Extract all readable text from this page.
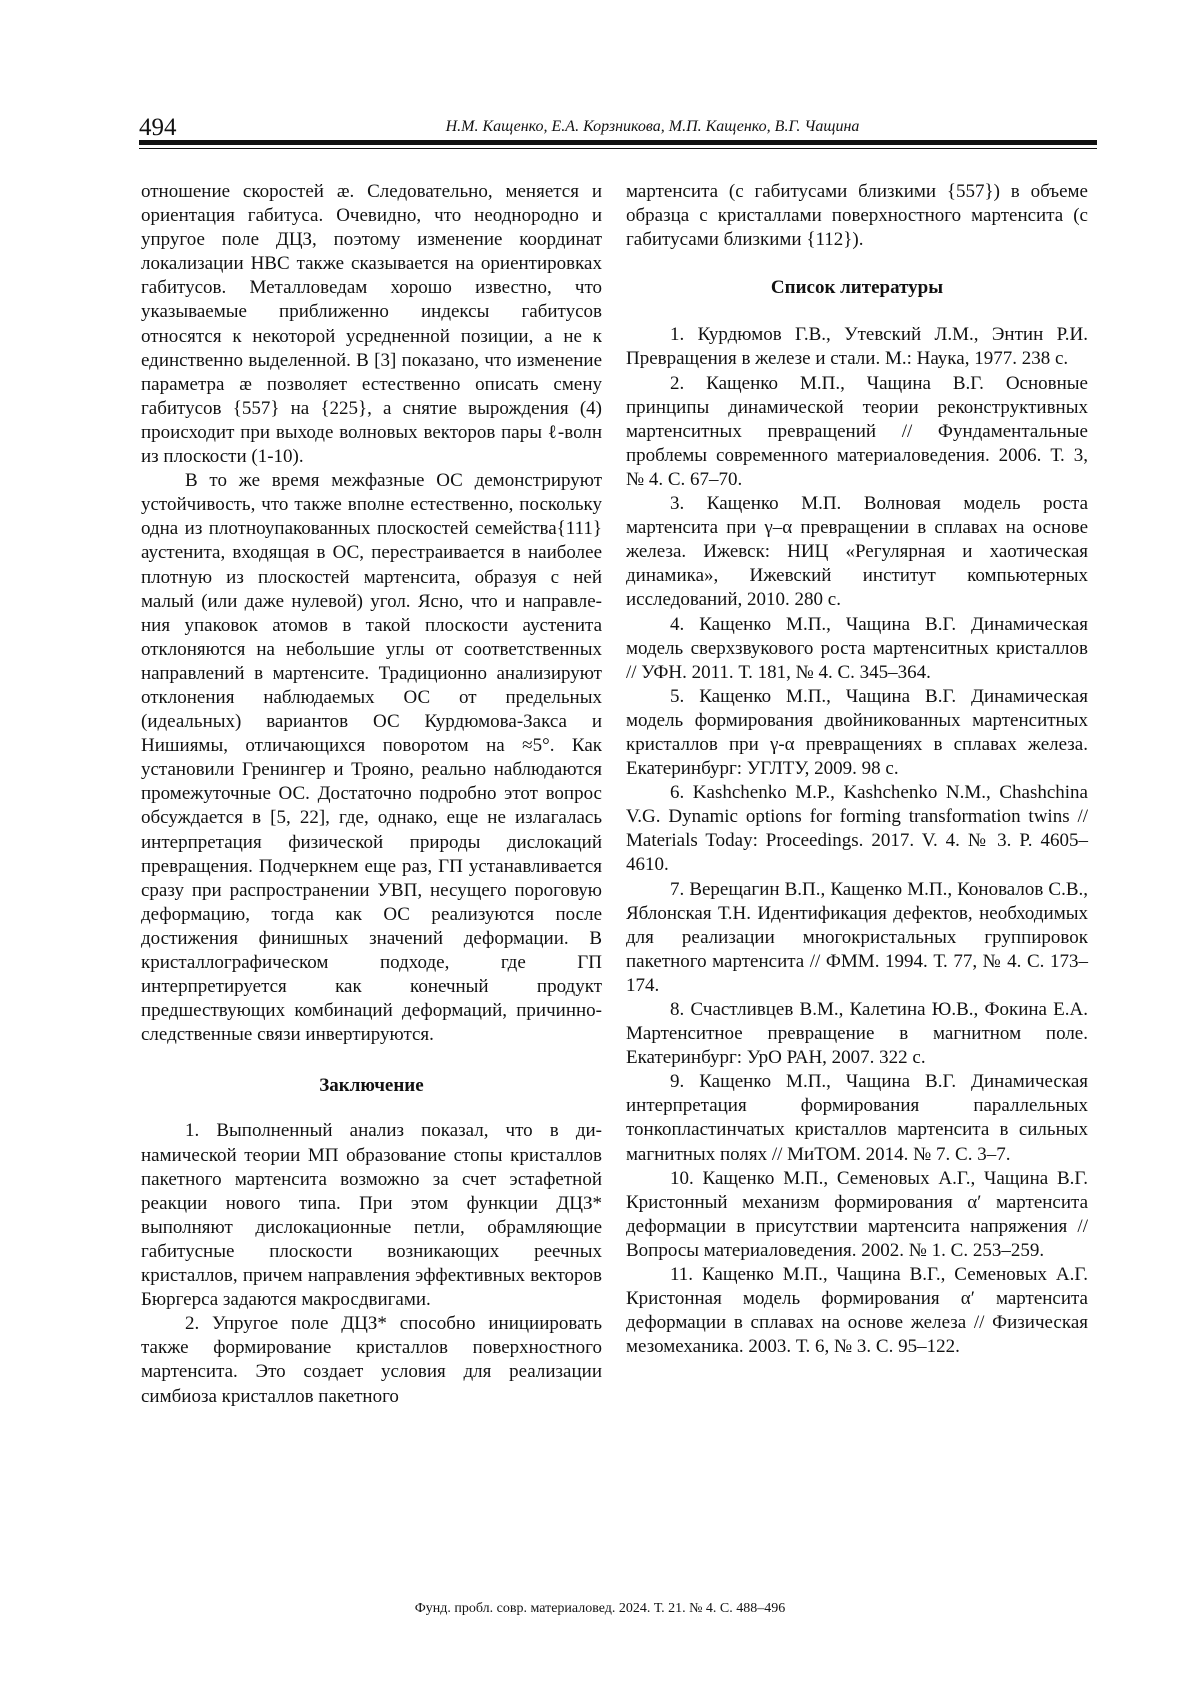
494	Н.М. Кащенко, Е.А. Корзникова, М.П. Кащенко, В.Г. Чащина

отношение скоростей æ. Следовательно, меняется и ориентация габитуса. Очевидно, что неоднородно и упругое поле ДЦЗ, поэтому изменение координат локализации НВС также сказывается на ориентировках габитусов. Металловедам хорошо известно, что указываемые приближенно индексы габитусов относятся к некоторой усредненной позиции, а не к единственно выделенной. В [3] показано, что изменение параметра æ позволяет естественно описать смену габитусов {557} на {225}, а снятие вырождения (4) происходит при выходе волновых векторов пары ℓ-волн из плоскости (1-10).

В то же время межфазные ОС демонстрируют устойчивость, что также вполне естественно, поскольку одна из плотноупакованных плоскостей семейства{111} аустенита, входящая в ОС, перестраивается в наиболее плотную из плоскостей мартенсита, образуя с ней малый (или даже нулевой) угол. Ясно, что и направления упаковок атомов в такой плоскости аустенита отклоняются на небольшие углы от соответственных направлений в мартенсите. Традиционно анализируют отклонения наблюдаемых ОС от предельных (идеальных) вариантов ОС Курдюмова-Закса и Нишиямы, отличающихся поворотом на ≈5°. Как установили Гренингер и Трояно, реально наблюдаются промежуточные ОС. Достаточно подробно этот вопрос обсуждается в [5, 22], где, однако, еще не излагалась интерпретация физической природы дислокаций превращения. Подчеркнем еще раз, ГП устанавливается сразу при распространении УВП, несущего пороговую деформацию, тогда как ОС реализуются после достижения финишных значений деформации. В кристаллографическом подходе, где ГП интерпретируется как конечный продукт предшествующих комбинаций деформаций, причинно-следственные связи инвертируются.

Заключение

1. Выполненный анализ показал, что в динамической теории МП образование стопы кристаллов пакетного мартенсита возможно за счет эстафетной реакции нового типа. При этом функции ДЦЗ* выполняют дислокационные петли, обрамляющие габитусные плоскости возникающих реечных кристаллов, причем направления эффективных векторов Бюргерса задаются макросдвигами.

2. Упругое поле ДЦЗ* способно инициировать также формирование кристаллов поверхностного мартенсита. Это создает условия для реализации симбиоза кристаллов пакетного

мартенсита (с габитусами близкими {557}) в объеме образца с кристаллами поверхностного мартенсита (с габитусами близкими {112}).

Список литературы

1. Курдюмов Г.В., Утевский Л.М., Энтин Р.И. Превращения в железе и стали. М.: Наука, 1977. 238 с.

2. Кащенко М.П., Чащина В.Г. Основные принципы динамической теории реконструктивных мартенситных превращений // Фундаментальные проблемы современного материаловедения. 2006. Т. 3, № 4. С. 67–70.

3. Кащенко М.П. Волновая модель роста мартенсита при γ–α превращении в сплавах на основе железа. Ижевск: НИЦ «Регулярная и хаотическая динамика», Ижевский институт компьютерных исследований, 2010. 280 с.

4. Кащенко М.П., Чащина В.Г. Динамическая модель сверхзвукового роста мартенситных кристаллов // УФН. 2011. Т. 181, № 4. С. 345–364.

5. Кащенко М.П., Чащина В.Г. Динамическая модель формирования двойникованных мартенситных кристаллов при γ-α превращениях в сплавах железа. Екатеринбург: УГЛТУ, 2009. 98 с.

6. Kashchenko M.P., Kashchenko N.M., Chashchina V.G. Dynamic options for forming transformation twins // Materials Today: Proceedings. 2017. V. 4. № 3. P. 4605–4610.

7. Верещагин В.П., Кащенко М.П., Коновалов С.В., Яблонская Т.Н. Идентификация дефектов, необходимых для реализации многокристальных группировок пакетного мартенсита // ФММ. 1994. Т. 77, № 4. С. 173–174.

8. Счастливцев В.М., Калетина Ю.В., Фокина Е.А. Мартенситное превращение в магнитном поле. Екатеринбург: УрО РАН, 2007. 322 с.

9. Кащенко М.П., Чащина В.Г. Динамическая интерпретация формирования параллельных тонкопластинчатых кристаллов мартенсита в сильных магнитных полях // МиТОМ. 2014. № 7. С. 3–7.

10. Кащенко М.П., Семеновых А.Г., Чащина В.Г. Кристонный механизм формирования α′ мартенсита деформации в присутствии мартенсита напряжения // Вопросы материаловедения. 2002. № 1. С. 253–259.

11. Кащенко М.П., Чащина В.Г., Семеновых А.Г. Кристонная модель формирования α′ мартенсита деформации в сплавах на основе железа // Физическая мезомеханика. 2003. Т. 6, № 3. С. 95–122.

Фунд. пробл. совр. материаловед. 2024. Т. 21. № 4. С. 488–496
